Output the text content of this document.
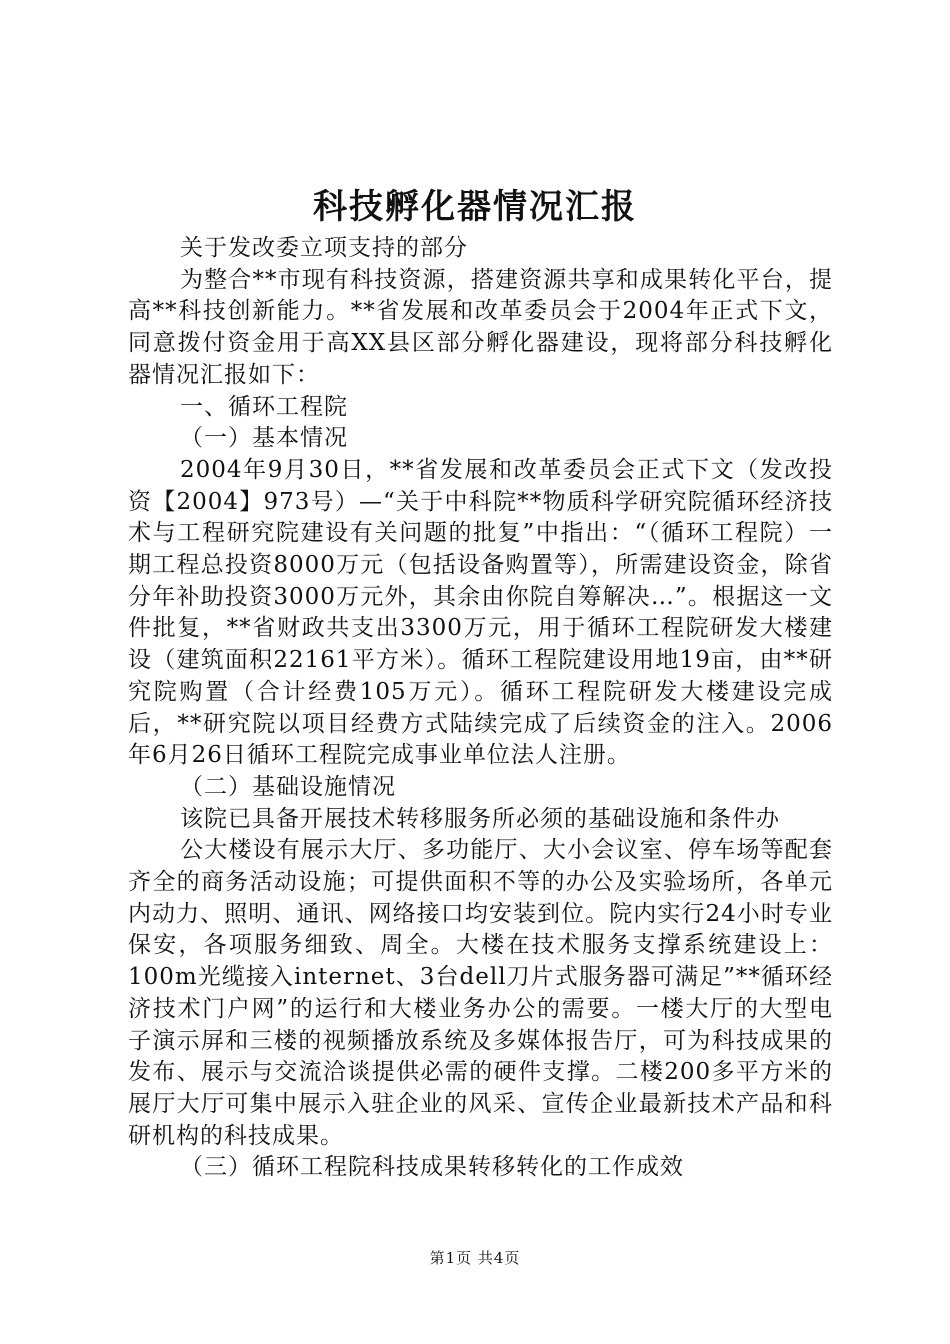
科技孵化器情况汇报

关于发改委立项支持的部分

为整合**市现有科技资源，搭建资源共享和成果转化平台，提高**科技创新能力。**省发展和改革委员会于2004年正式下文，同意拨付资金用于高XX县区部分孵化器建设，现将部分科技孵化器情况汇报如下：

一、循环工程院

（一）基本情况

2004年9月30日，**省发展和改革委员会正式下文（发改投资【2004】973号）—“关于中科院**物质科学研究院循环经济技术与工程研究院建设有关问题的批复”中指出：“（循环工程院）一期工程总投资8000万元（包括设备购置等），所需建设资金，除省分年补助投资3000万元外，其余由你院自筹解决…”。根据这一文件批复，**省财政共支出3300万元，用于循环工程院研发大楼建设（建筑面积22161平方米）。循环工程院建设用地19亩，由**研究院购置（合计经费105万元）。循环工程院研发大楼建设完成后，**研究院以项目经费方式陆续完成了后续资金的注入。2006年6月26日循环工程院完成事业单位法人注册。

（二）基础设施情况

该院已具备开展技术转移服务所必须的基础设施和条件办

公大楼设有展示大厅、多功能厅、大小会议室、停车场等配套齐全的商务活动设施；可提供面积不等的办公及实验场所，各单元内动力、照明、通讯、网络接口均安装到位。院内实行24小时专业保安，各项服务细致、周全。大楼在技术服务支撑系统建设上：100m光缆接入internet、3台dell刀片式服务器可满足”**循环经济技术门户网”的运行和大楼业务办公的需要。一楼大厅的大型电子演示屏和三楼的视频播放系统及多媒体报告厅，可为科技成果的发布、展示与交流洽谈提供必需的硬件支撑。二楼200多平方米的展厅大厅可集中展示入驻企业的风采、宣传企业最新技术产品和科研机构的科技成果。

（三）循环工程院科技成果转移转化的工作成效

第1页 共4页
